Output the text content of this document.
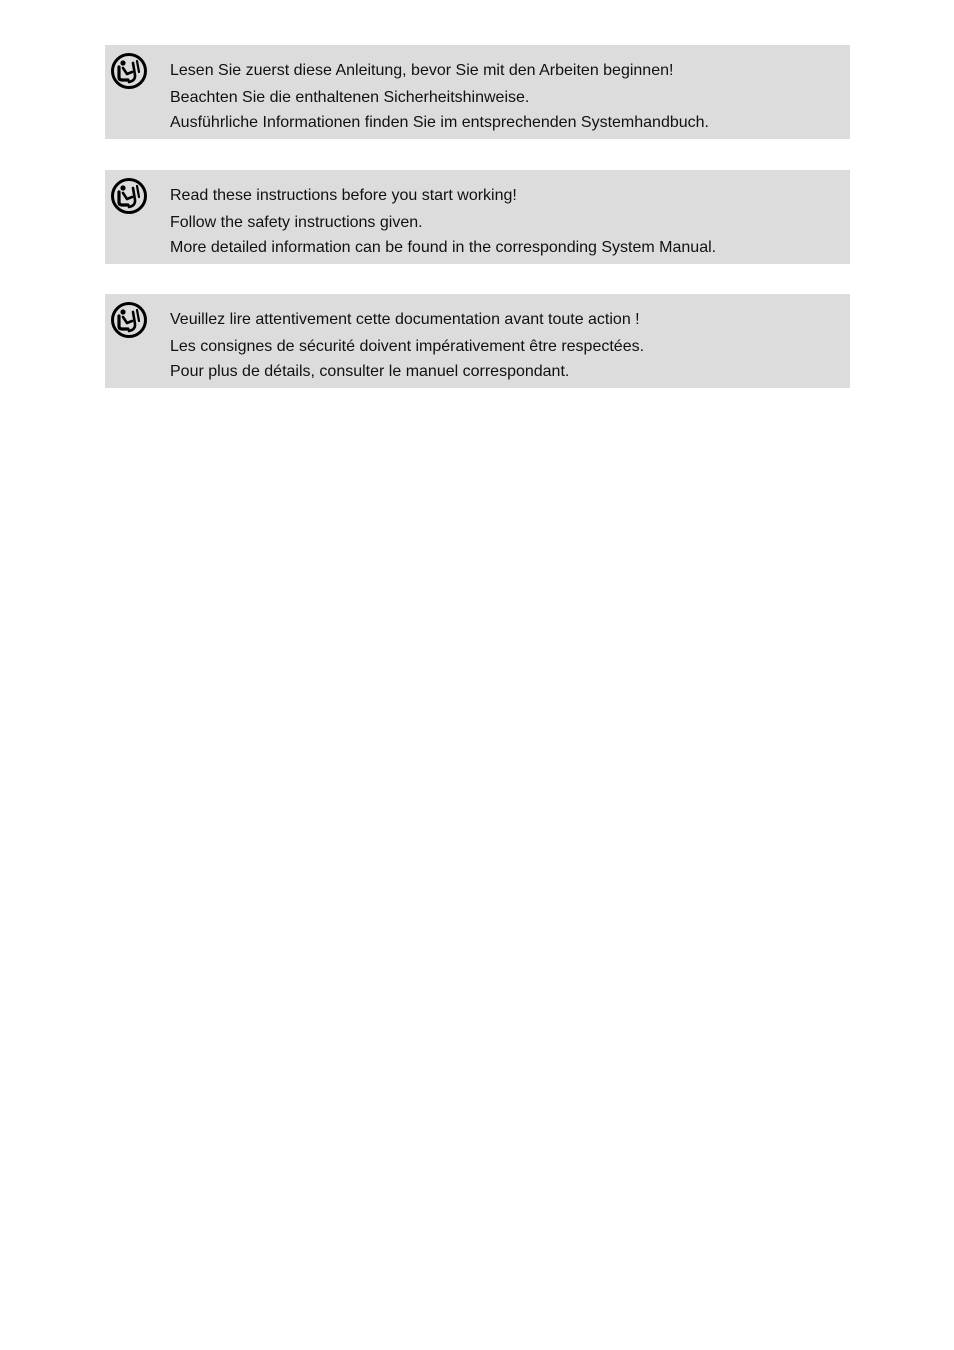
Lesen Sie zuerst diese Anleitung, bevor Sie mit den Arbeiten beginnen!
Beachten Sie die enthaltenen Sicherheitshinweise.
Ausführliche Informationen finden Sie im entsprechenden Systemhandbuch.
Read these instructions before you start working!
Follow the safety instructions given.
More detailed information can be found in the corresponding System Manual.
Veuillez lire attentivement cette documentation avant toute action !
Les consignes de sécurité doivent impérativement être respectées.
Pour plus de détails, consulter le manuel correspondant.
